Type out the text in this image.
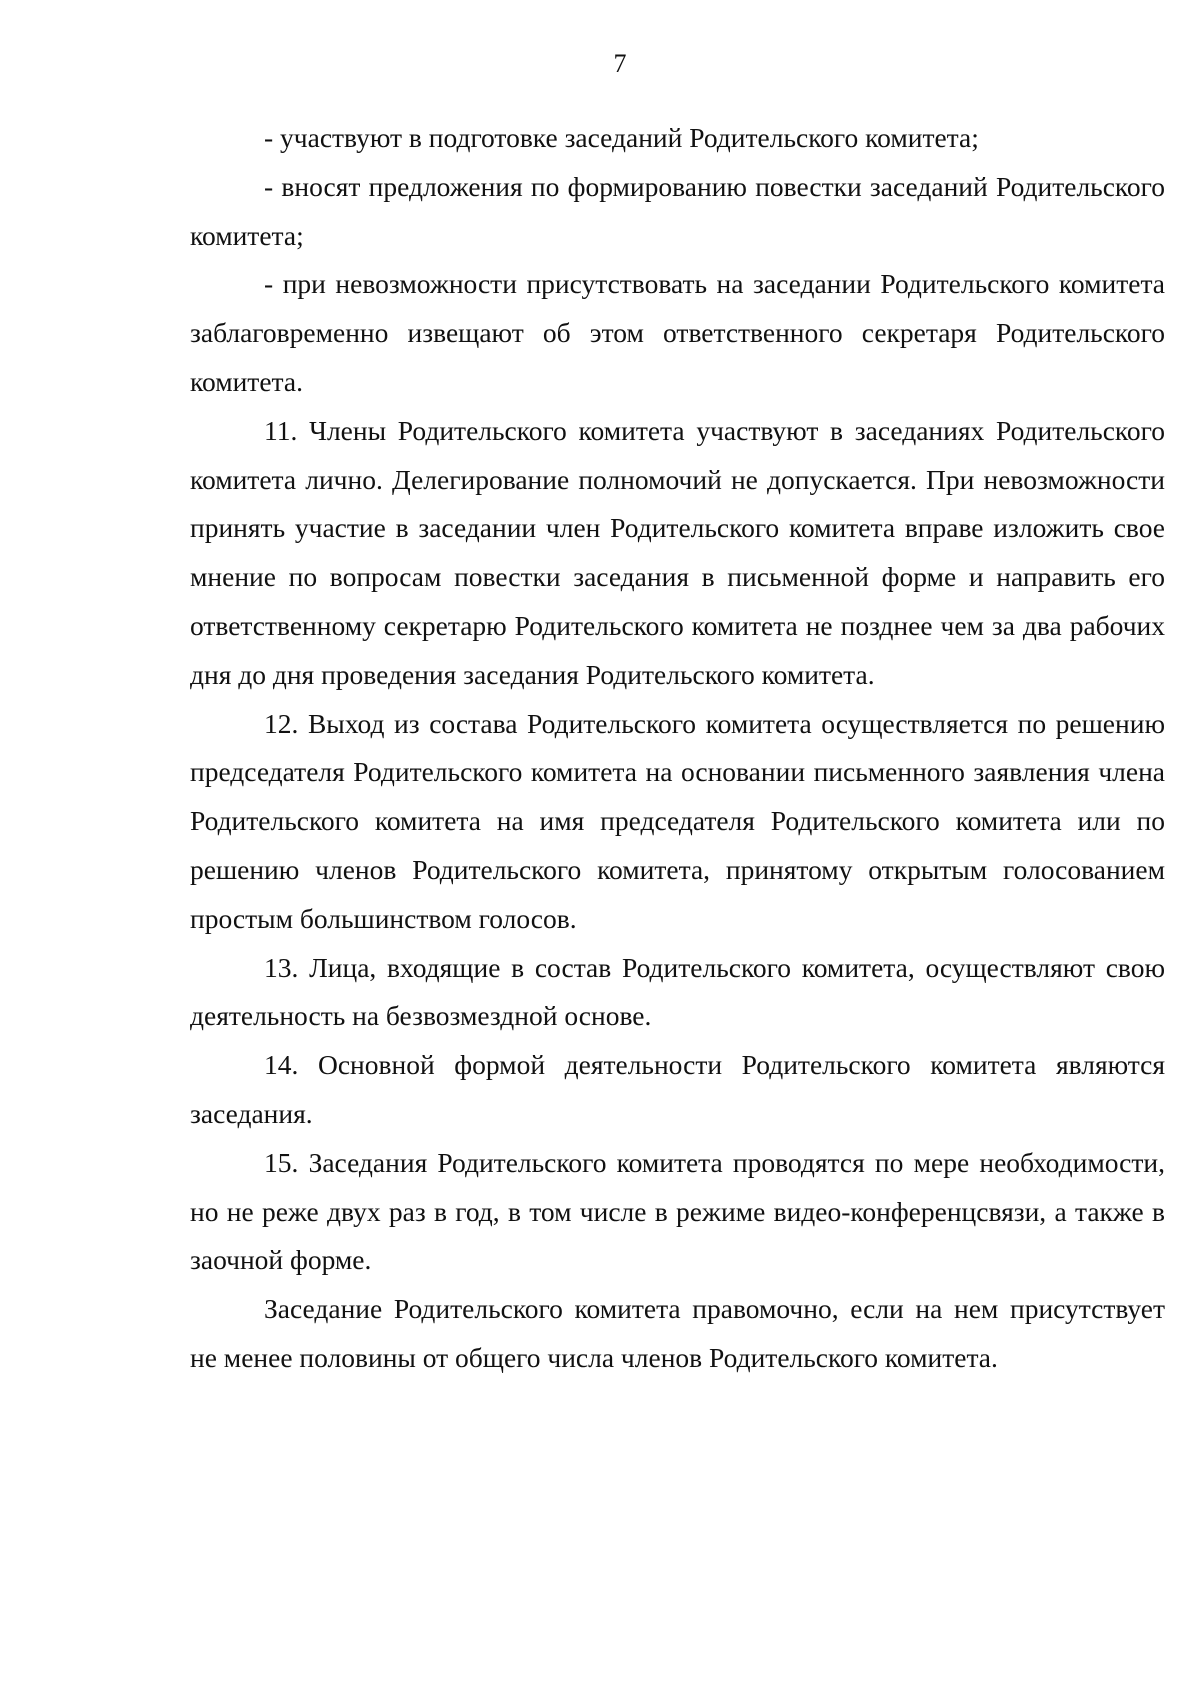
7

- участвуют в подготовке заседаний Родительского комитета;

- вносят предложения по формированию повестки заседаний Родительского комитета;

- при невозможности присутствовать на заседании Родительского комитета заблаговременно извещают об этом ответственного секретаря Родительского комитета.

11. Члены Родительского комитета участвуют в заседаниях Родительского комитета лично. Делегирование полномочий не допускается. При невозможности принять участие в заседании член Родительского комитета вправе изложить свое мнение по вопросам повестки заседания в письменной форме и направить его ответственному секретарю Родительского комитета не позднее чем за два рабочих дня до дня проведения заседания Родительского комитета.

12. Выход из состава Родительского комитета осуществляется по решению председателя Родительского комитета на основании письменного заявления члена Родительского комитета на имя председателя Родительского комитета или по решению членов Родительского комитета, принятому открытым голосованием простым большинством голосов.

13. Лица, входящие в состав Родительского комитета, осуществляют свою деятельность на безвозмездной основе.

14. Основной формой деятельности Родительского комитета являются заседания.

15. Заседания Родительского комитета проводятся по мере необходимости, но не реже двух раз в год, в том числе в режиме видео-конференцсвязи, а также в заочной форме.

Заседание Родительского комитета правомочно, если на нем присутствует не менее половины от общего числа членов Родительского комитета.
